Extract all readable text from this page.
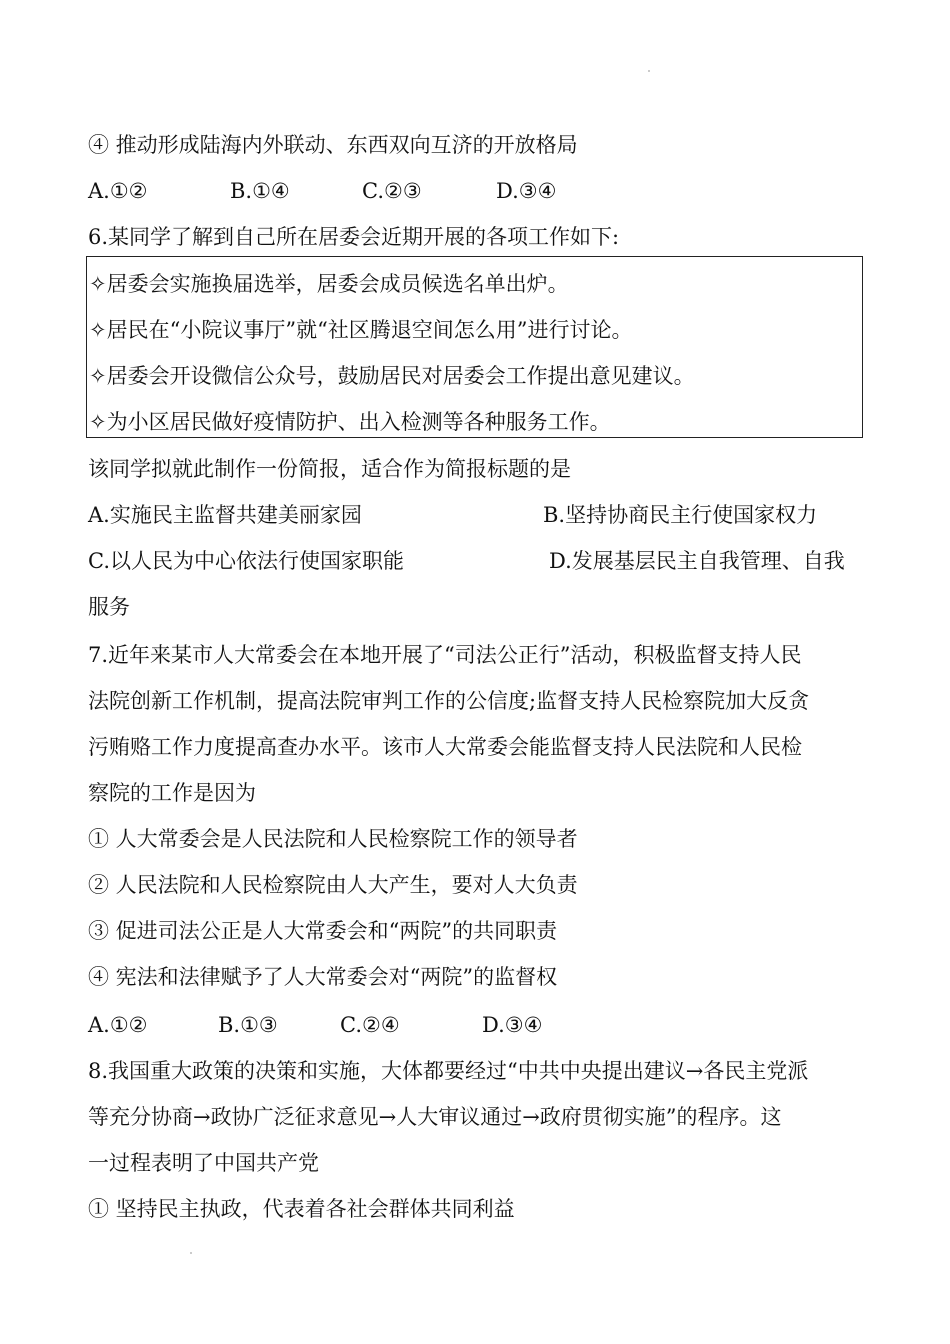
④ 推动形成陆海内外联动、东西双向互济的开放格局
A.①②	B.①④	C.②③	D.③④
6.某同学了解到自己所在居委会近期开展的各项工作如下:
✧居委会实施换届选举，居委会成员候选名单出炉。
✧居民在“小院议事厅”就“社区腾退空间怎么用”进行讨论。
✧居委会开设微信公众号，鼓励居民对居委会工作提出意见建议。
✧为小区居民做好疫情防护、出入检测等各种服务工作。
该同学拟就此制作一份简报，适合作为简报标题的是
A.实施民主监督共建美丽家园	B.坚持协商民主行使国家权力
C.以人民为中心依法行使国家职能	D.发展基层民主自我管理、自我
服务
7.近年来某市人大常委会在本地开展了“司法公正行”活动，积极监督支持人民
法院创新工作机制，提高法院审判工作的公信度;监督支持人民检察院加大反贪
污贿赂工作力度提高查办水平。该市人大常委会能监督支持人民法院和人民检
察院的工作是因为
① 人大常委会是人民法院和人民检察院工作的领导者
② 人民法院和人民检察院由人大产生，要对人大负责
③ 促进司法公正是人大常委会和“两院”的共同职责
④ 宪法和法律赋予了人大常委会对“两院”的监督权
A.①②	B.①③	C.②④	D.③④
8.我国重大政策的决策和实施，大体都要经过“中共中央提出建议→各民主党派
等充分协商→政协广泛征求意见→人大审议通过→政府贯彻实施”的程序。这
一过程表明了中国共产党
① 坚持民主执政，代表着各社会群体共同利益
